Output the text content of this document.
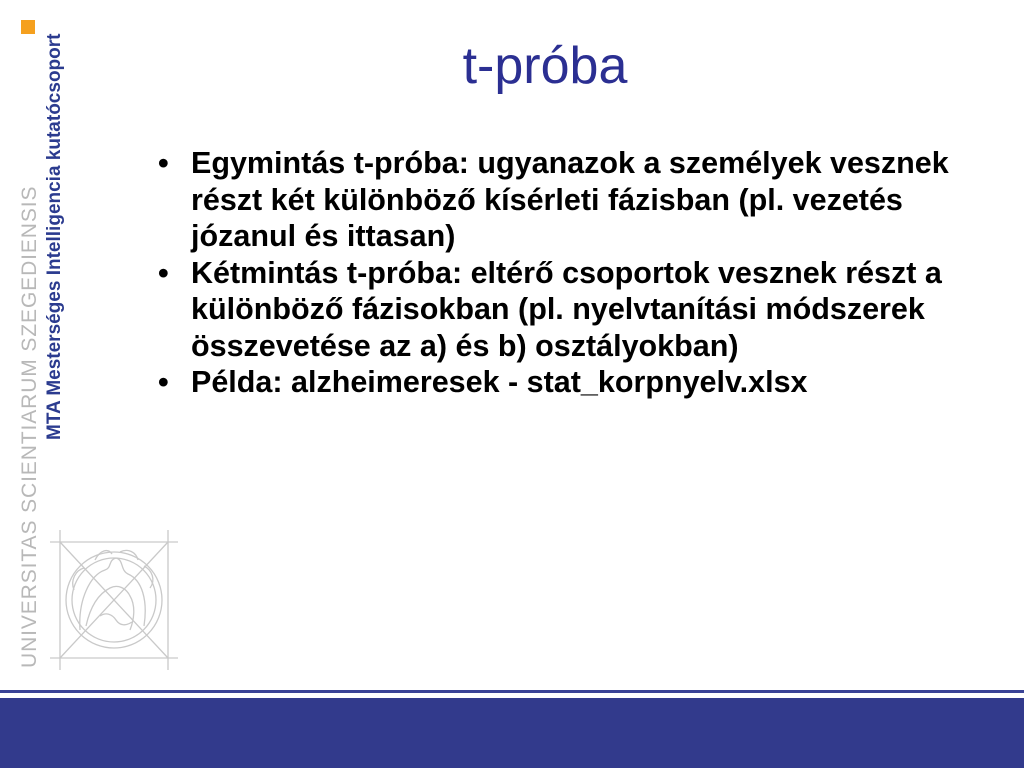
MTA Mesterséges Intelligencia kutatócsoport
UNIVERSITAS SCIENTIARUM SZEGEDIENSIS
t-próba
• Egymintás t-próba: ugyanazok a személyek vesznek részt két különböző kísérleti fázisban (pl. vezetés józanul és ittasan)
• Kétmintás t-próba: eltérő csoportok vesznek részt a különböző fázisokban (pl. nyelvtanítási módszerek összevetése az a) és b) osztályokban)
• Példa: alzheimeresek - stat_korpnyelv.xlsx
